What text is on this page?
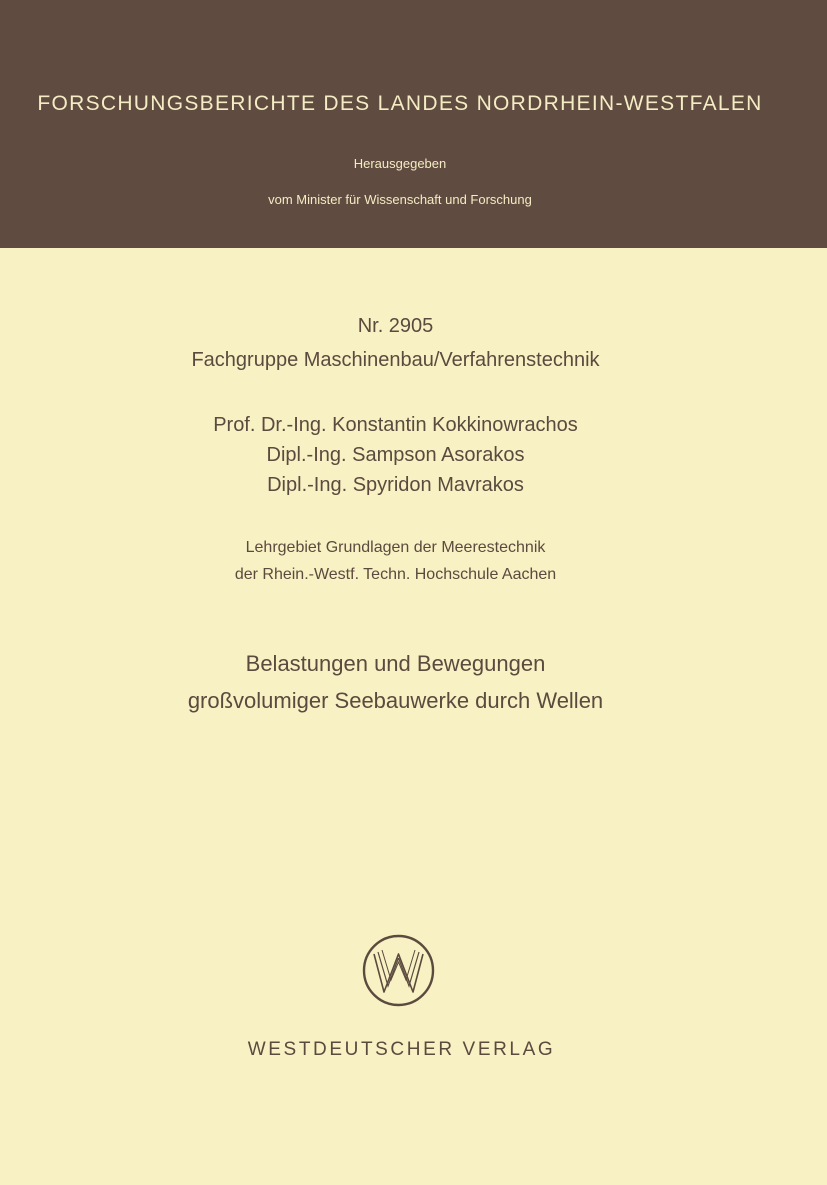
FORSCHUNGSBERICHTE DES LANDES NORDRHEIN-WESTFALEN
Herausgegeben
vom Minister für Wissenschaft und Forschung
Nr. 2905
Fachgruppe Maschinenbau/Verfahrenstechnik
Prof. Dr.-Ing. Konstantin Kokkinowrachos
Dipl.-Ing. Sampson Asorakos
Dipl.-Ing. Spyridon Mavrakos
Lehrgebiet Grundlagen der Meerestechnik
der Rhein.-Westf. Techn. Hochschule Aachen
Belastungen und Bewegungen
großvolumiger Seebauwerke durch Wellen
WESTDEUTSCHER VERLAG
